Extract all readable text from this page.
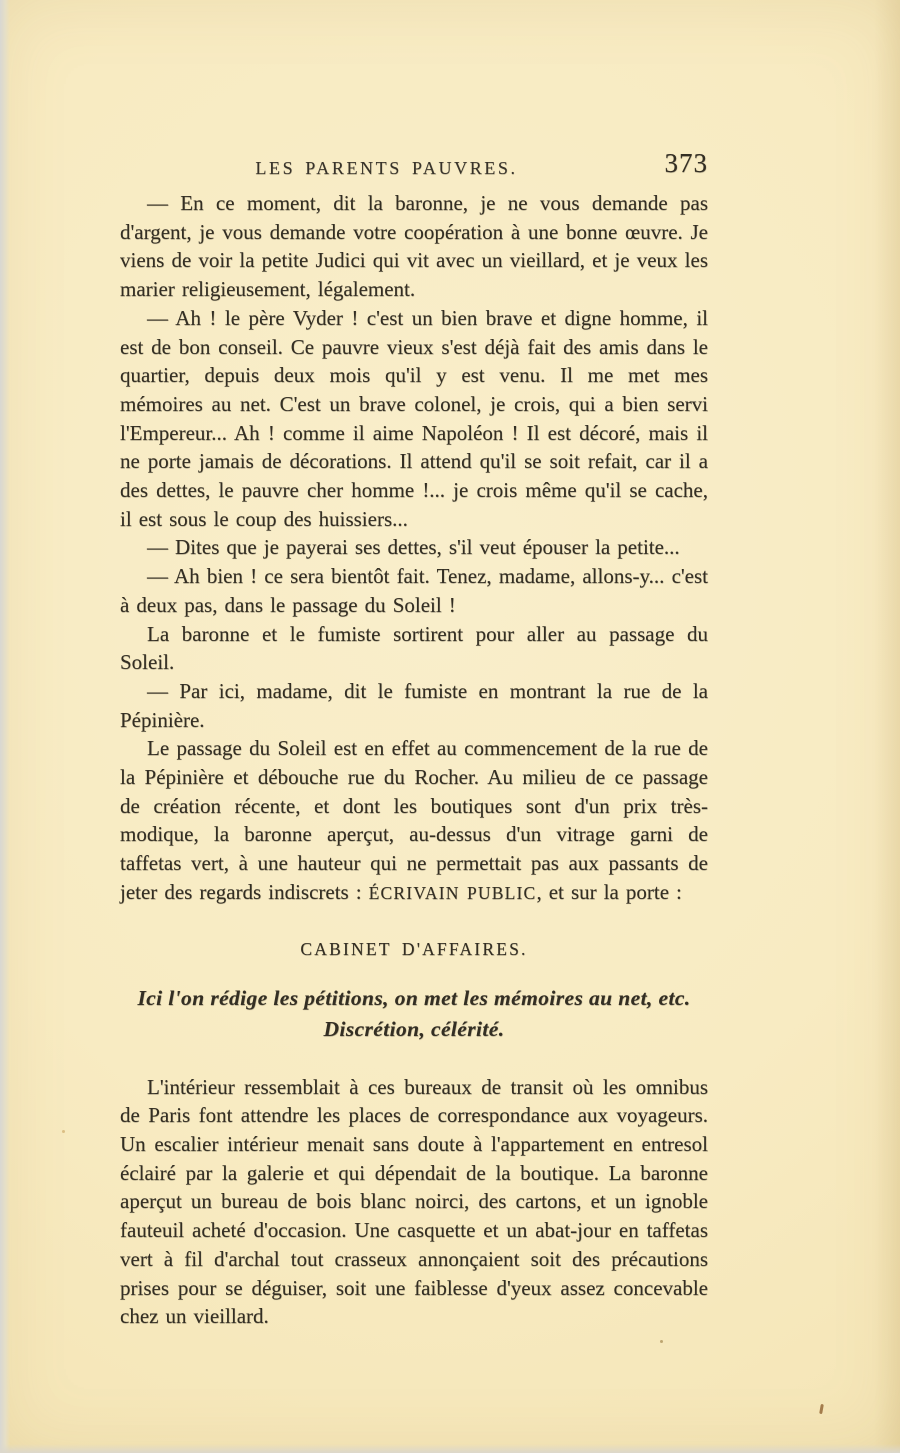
LES PARENTS PAUVRES.	373

— En ce moment, dit la baronne, je ne vous demande pas d'argent, je vous demande votre coopération à une bonne œuvre. Je viens de voir la petite Judici qui vit avec un vieillard, et je veux les marier religieusement, légalement.

— Ah ! le père Vyder ! c'est un bien brave et digne homme, il est de bon conseil. Ce pauvre vieux s'est déjà fait des amis dans le quartier, depuis deux mois qu'il y est venu. Il me met mes mémoires au net. C'est un brave colonel, je crois, qui a bien servi l'Empereur... Ah ! comme il aime Napoléon ! Il est décoré, mais il ne porte jamais de décorations. Il attend qu'il se soit refait, car il a des dettes, le pauvre cher homme !... je crois même qu'il se cache, il est sous le coup des huissiers...

— Dites que je payerai ses dettes, s'il veut épouser la petite...

— Ah bien ! ce sera bientôt fait. Tenez, madame, allons-y... c'est à deux pas, dans le passage du Soleil !

La baronne et le fumiste sortirent pour aller au passage du Soleil.

— Par ici, madame, dit le fumiste en montrant la rue de la Pépinière.

Le passage du Soleil est en effet au commencement de la rue de la Pépinière et débouche rue du Rocher. Au milieu de ce passage de création récente, et dont les boutiques sont d'un prix très-modique, la baronne aperçut, au-dessus d'un vitrage garni de taffetas vert, à une hauteur qui ne permettait pas aux passants de jeter des regards indiscrets : ÉCRIVAIN PUBLIC, et sur la porte :

CABINET D'AFFAIRES.

Ici l'on rédige les pétitions, on met les mémoires au net, etc.

Discrétion, célérité.

L'intérieur ressemblait à ces bureaux de transit où les omnibus de Paris font attendre les places de correspondance aux voyageurs. Un escalier intérieur menait sans doute à l'appartement en entresol éclairé par la galerie et qui dépendait de la boutique. La baronne aperçut un bureau de bois blanc noirci, des cartons, et un ignoble fauteuil acheté d'occasion. Une casquette et un abat-jour en taffetas vert à fil d'archal tout crasseux annonçaient soit des précautions prises pour se déguiser, soit une faiblesse d'yeux assez concevable chez un vieillard.
